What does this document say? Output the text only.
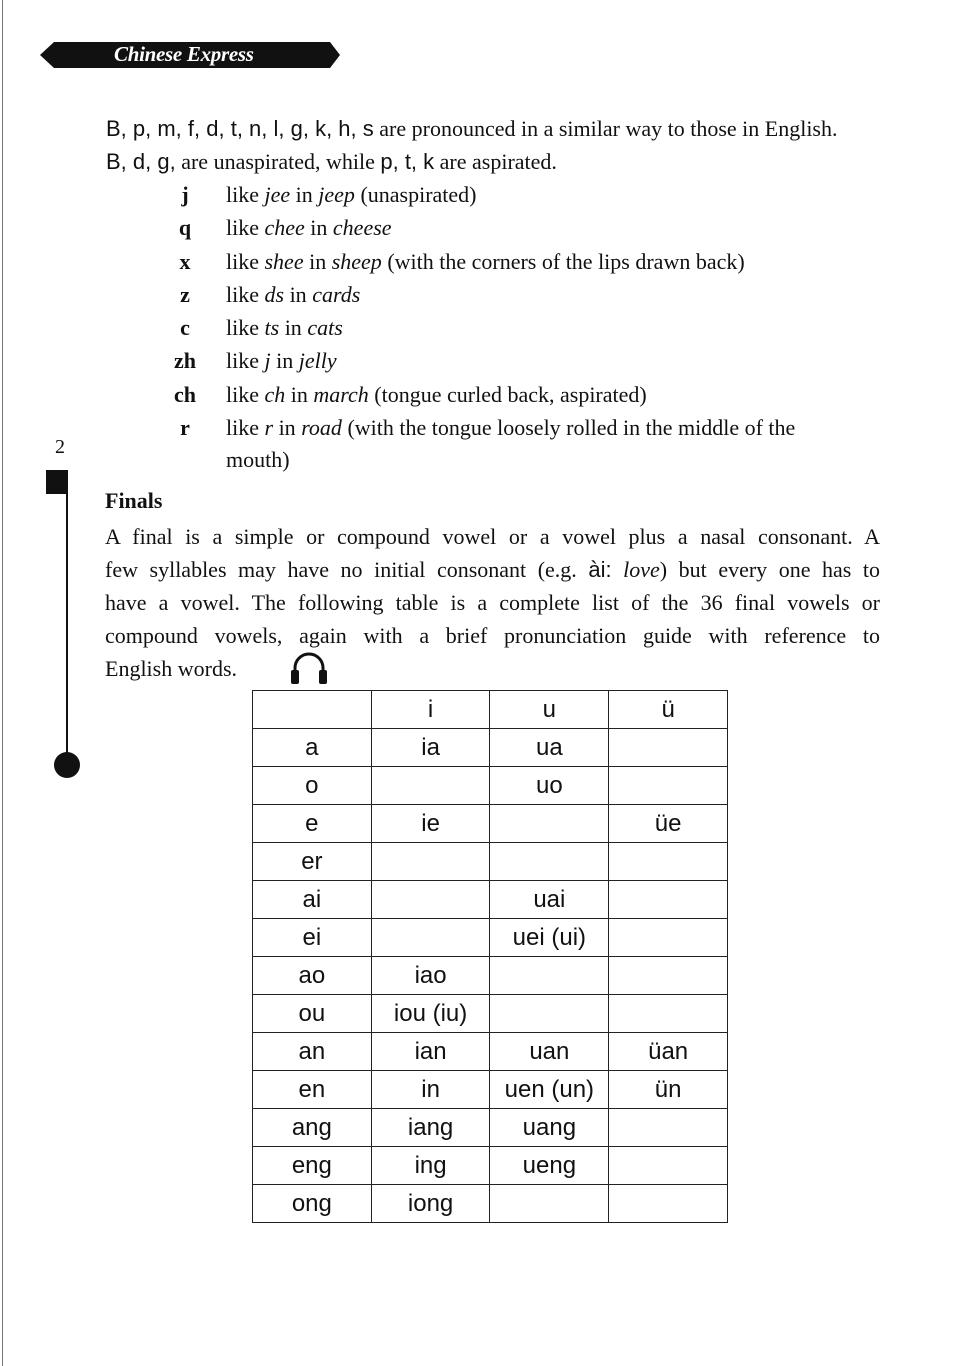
Chinese Express
2
B, p, m, f, d, t, n, l, g, k, h, s are pronounced in a similar way to those in English.
B, d, g, are unaspirated, while p, t, k are aspirated.
j	like jee in jeep (unaspirated)
q	like chee in cheese
x	like shee in sheep (with the corners of the lips drawn back)
z	like ds in cards
c	like ts in cats
zh like j in jelly
ch like ch in march (tongue curled back, aspirated)
r	like r in road (with the tongue loosely rolled in the middle of the
mouth)
Finals
A final is a simple or compound vowel or a vowel plus a nasal consonant. A
few syllables may have no initial consonant (e.g. ài: love) but every one has to
have a vowel. The following table is a complete list of the 36 final vowels or
compound vowels, again with a brief pronunciation guide with reference to
English words.
	i	u	ü
a	ia	ua	
o		uo	
e	ie		üe
er			
ai		uai	
ei		uei (ui)	
ao	iao		
ou	iou (iu)		
an	ian	uan	üan
en	in	uen (un)	ün
ang	iang	uang	
eng	ing	ueng	
ong	iong		
